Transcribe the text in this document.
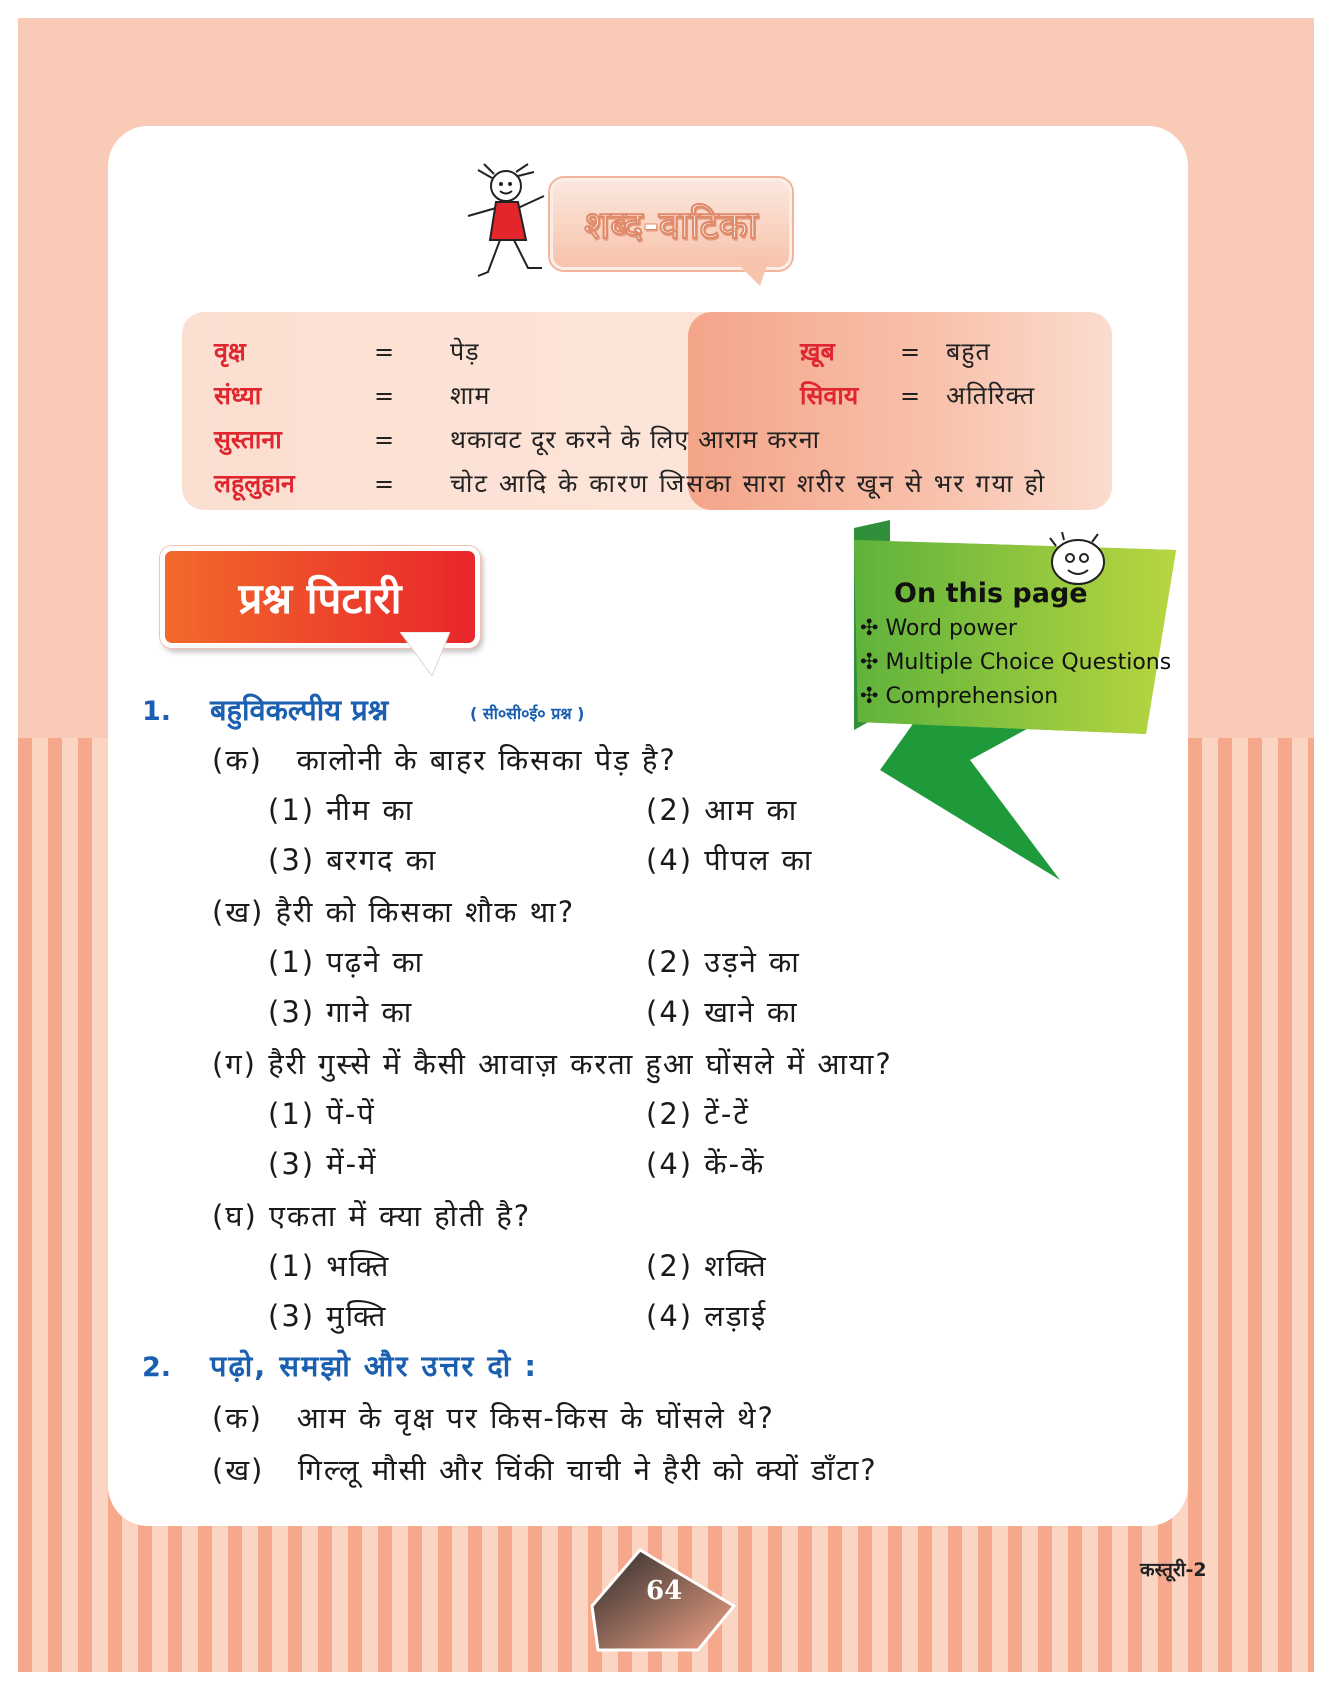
शब्द-वाटिका
वृक्ष	= पेड़
संध्या	= शाम
सुस्ताना	= थकावट दूर करने के लिए आराम करना
लहूलुहान	= चोट आदि के कारण जिसका सारा शरीर खून से भर गया हो
ख़ूब	= बहुत
सिवाय = अतिरिक्त
प्रश्न पिटारी	On this page
✣ Word power
✣ Multiple Choice Questions
✣ Comprehension
1. बहुविकल्पीय प्रश्न	( सी०सी०ई० प्रश्न )
(क) कालोनी के बाहर किसका पेड़ है?
(1) नीम का	(2) आम का
(3) बरगद का	(4) पीपल का
(ख) हैरी को किसका शौक था?
(1) पढ़ने का	(2) उड़ने का
(3) गाने का	(4) खाने का
(ग) हैरी गुस्से में कैसी आवाज़ करता हुआ घोंसले में आया?
(1) पें-पें	(2) टें-टें
(3) में-में	(4) कें-कें
(घ) एकता में क्या होती है?
(1) भक्ति	(2) शक्ति
(3) मुक्ति	(4) लड़ाई
2. पढ़ो, समझो और उत्तर दो :
(क) आम के वृक्ष पर किस-किस के घोंसले थे?
(ख) गिल्लू मौसी और चिंकी चाची ने हैरी को क्यों डाँटा?
64
कस्तूरी-2
